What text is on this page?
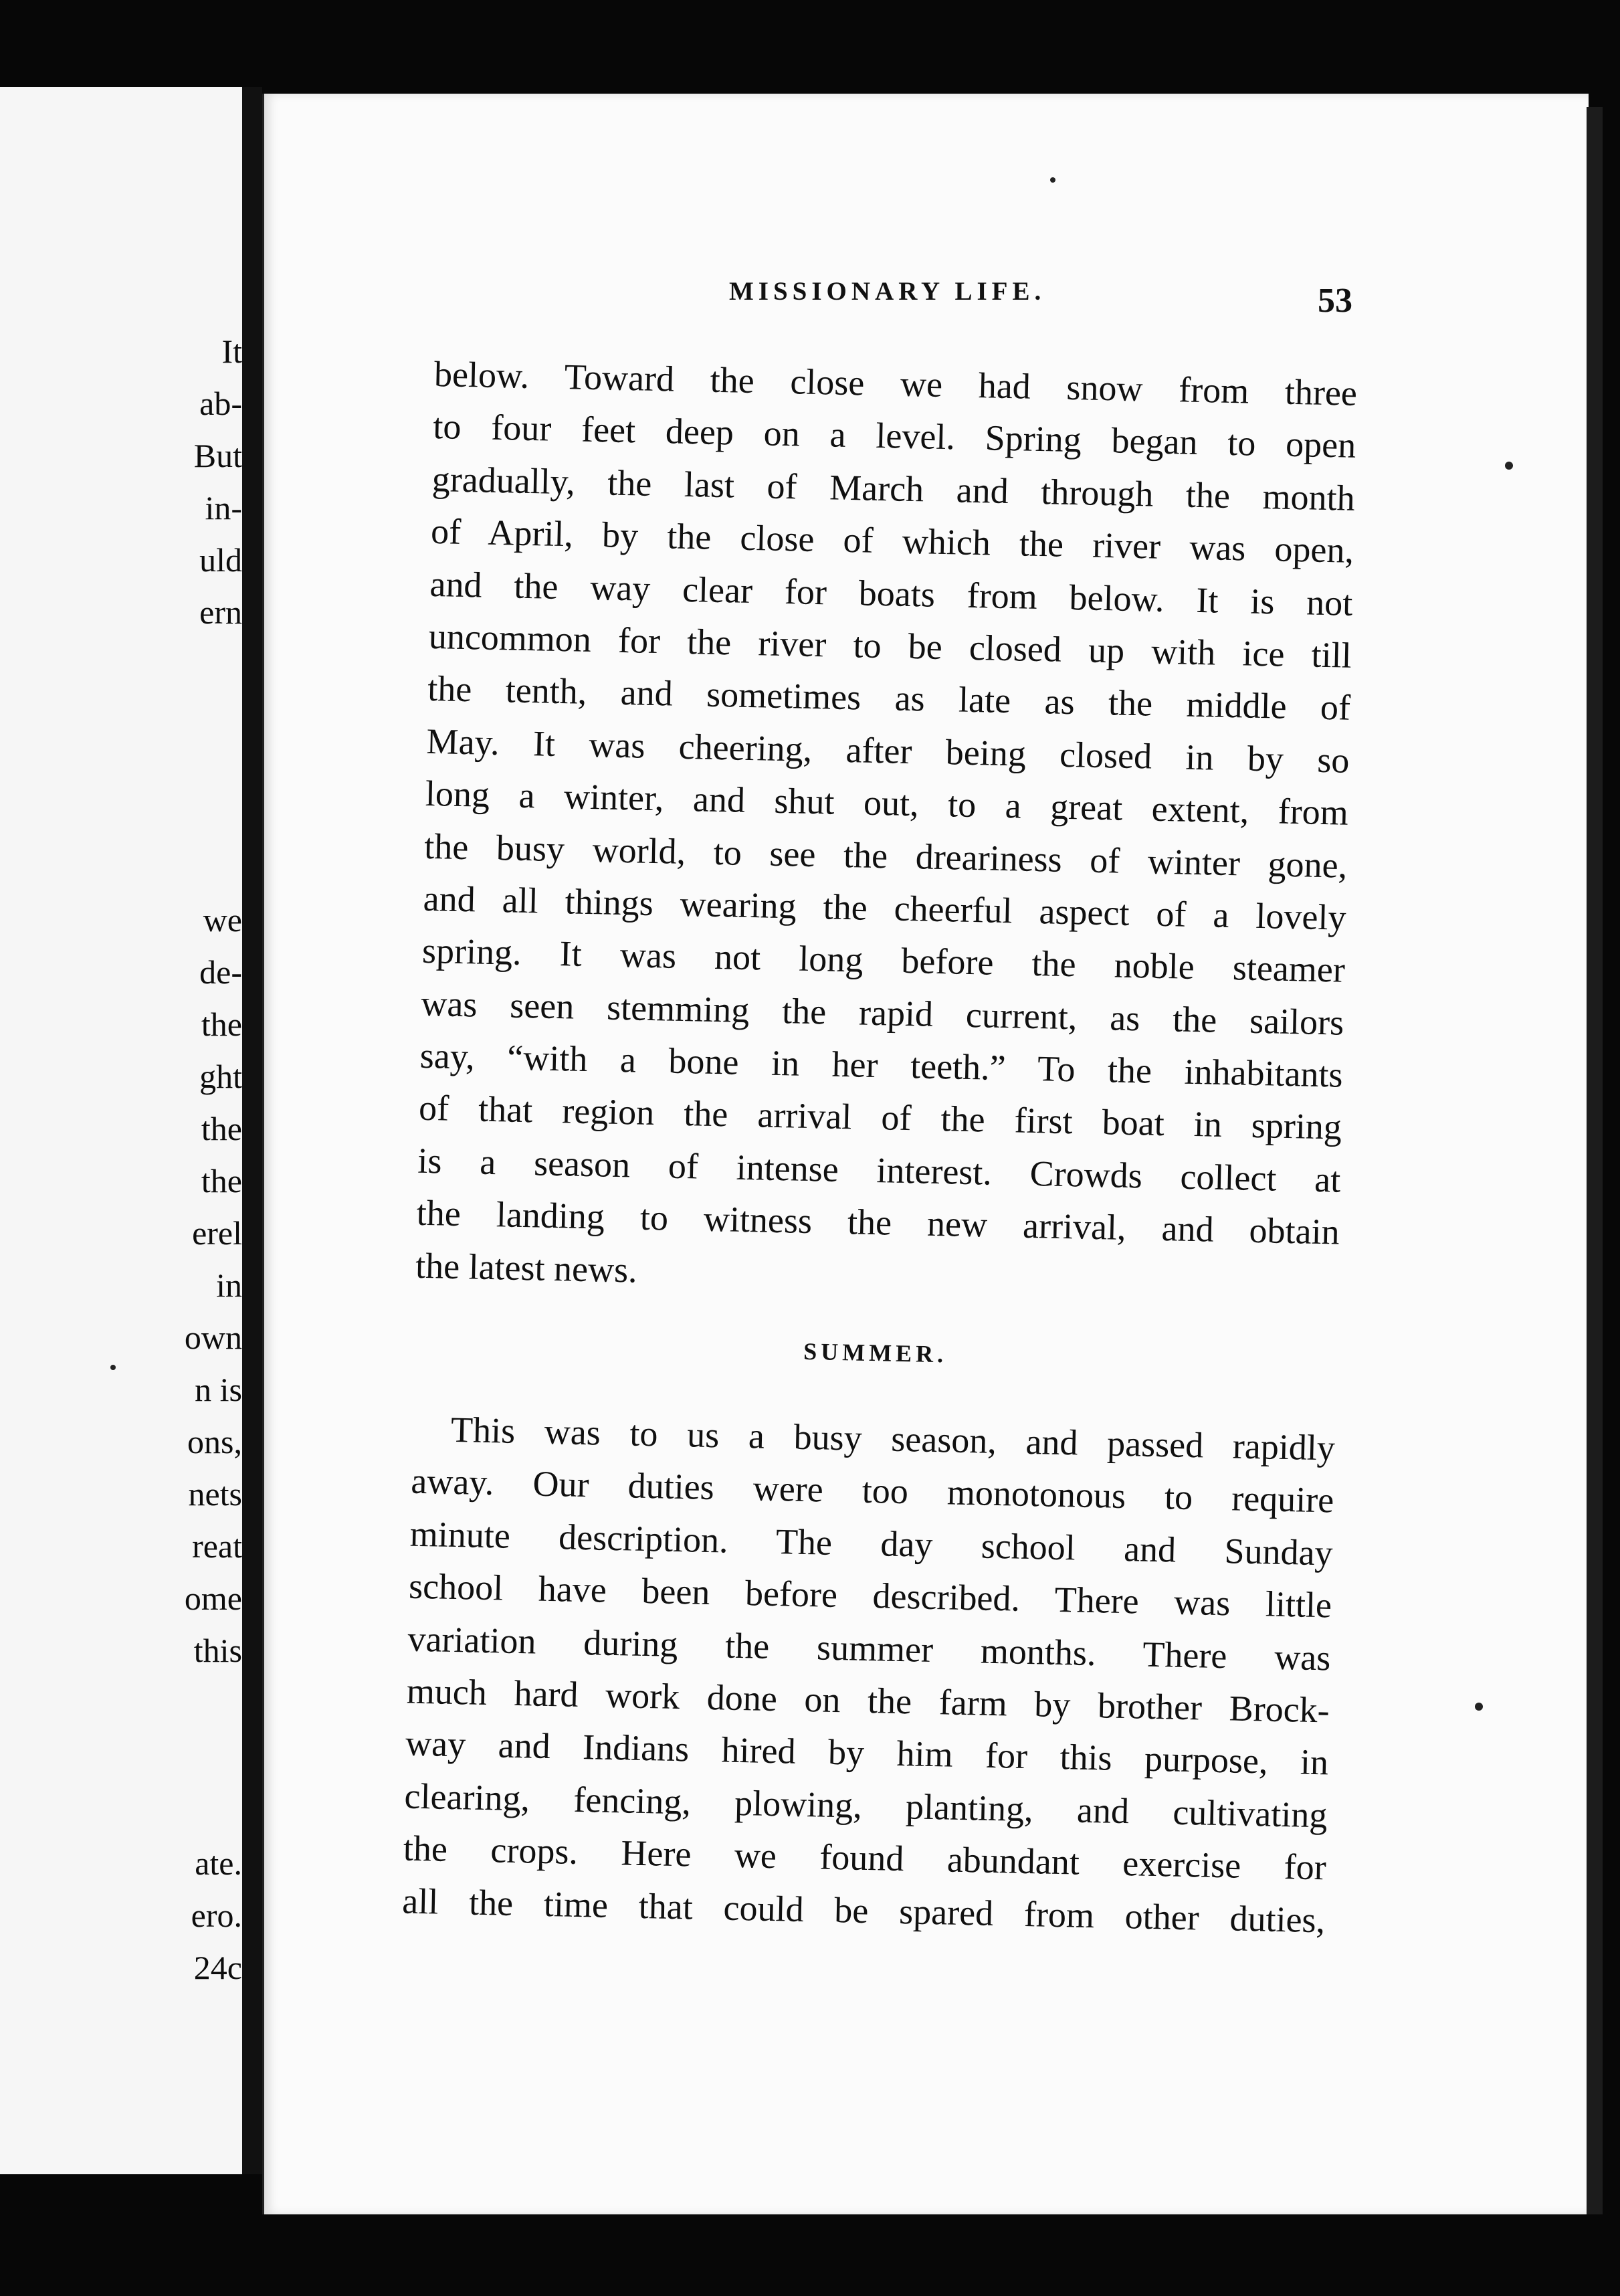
It
ab-
But
in-
uld
ern
we
de-
the
ght
the
the
erel
in
own
n is
ons,
nets
reat
ome
this
ate.
ero.
24c
MISSIONARY LIFE.	53
below. Toward the close we had snow from three
to four feet deep on a level. Spring began to open
gradually, the last of March and through the month
of April, by the close of which the river was open,
and the way clear for boats from below. It is not
uncommon for the river to be closed up with ice till
the tenth, and sometimes as late as the middle of
May. It was cheering, after being closed in by so
long a winter, and shut out, to a great extent, from
the busy world, to see the dreariness of winter gone,
and all things wearing the cheerful aspect of a lovely
spring. It was not long before the noble steamer
was seen stemming the rapid current, as the sailors
say, “with a bone in her teeth.” To the inhabitants
of that region the arrival of the first boat in spring
is a season of intense interest. Crowds collect at
the landing to witness the new arrival, and obtain
the latest news.
SUMMER.
This was to us a busy season, and passed rapidly
away. Our duties were too monotonous to require
minute description. The day school and Sunday
school have been before described. There was little
variation during the summer months. There was
much hard work done on the farm by brother Brock-
way and Indians hired by him for this purpose, in
clearing, fencing, plowing, planting, and cultivating
the crops. Here we found abundant exercise for
all the time that could be spared from other duties,
